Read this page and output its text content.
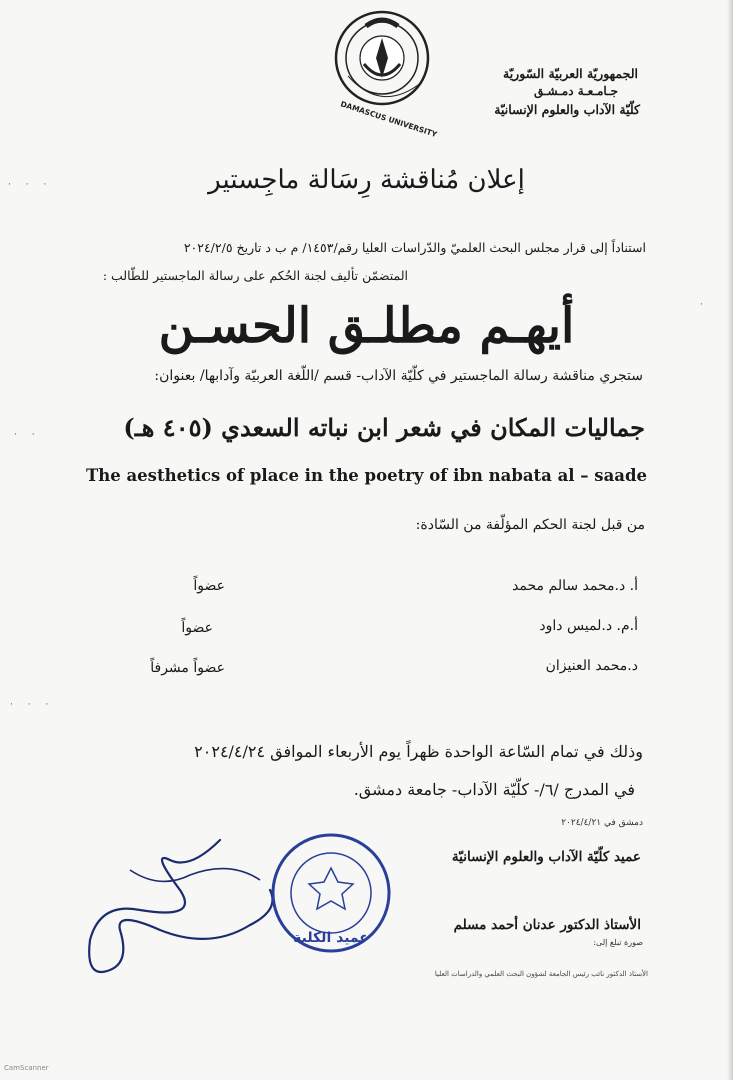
· · ·
· ·
· · ·
·
DAMASCUS UNIVERSITY
الجمهوريّة العربيّة السّوريّة
جـامـعـة دمـشـق
كلّيّة الآداب والعلوم الإنسانيّة
إعلان مُناقشة رِسَالة ماجِستير
استناداً إلى قرار مجلس البحث العلميّ والدّراسات العليا رقم/١٤٥٣/ م ب د تاريخ ٢٠٢٤/٢/٥
المتضمّن تأليف لجنة الحُكم على رسالة الماجستير للطّالب :
أيهـم مطلـق الحسـن
ستجري مناقشة رسالة الماجستير في كلّيّة الآداب- قسم /اللّغة العربيّة وآدابها/ بعنوان:
جماليات المكان في شعر ابن نباته السعدي (٤٠٥ هـ)
The aesthetics of place in the poetry of ibn nabata al – saade
من قبل لجنة الحكم المؤلّفة من السّادة:
أ. د.محمد سالم محمد
عضواً
أ.م. د.لميس داود
عضواً
د.محمد العنيزان
عضواً مشرفاً
وذلك في تمام السّاعة الواحدة ظهراً يوم الأربعاء الموافق ٢٠٢٤/٤/٢٤
في المدرج /٦/- كلّيّة الآداب- جامعة دمشق.
دمشق في ٢٠٢٤/٤/٢١
عميد الكلية
عميد كلّيّة الآداب والعلوم الإنسانيّة
الأستاذ الدكتور عدنان أحمد مسلم
صورة تبلغ إلى:
الأستاذ الدكتور نائب رئيس الجامعة لشؤون البحث العلمي والدراسات العليا
CamScanner
